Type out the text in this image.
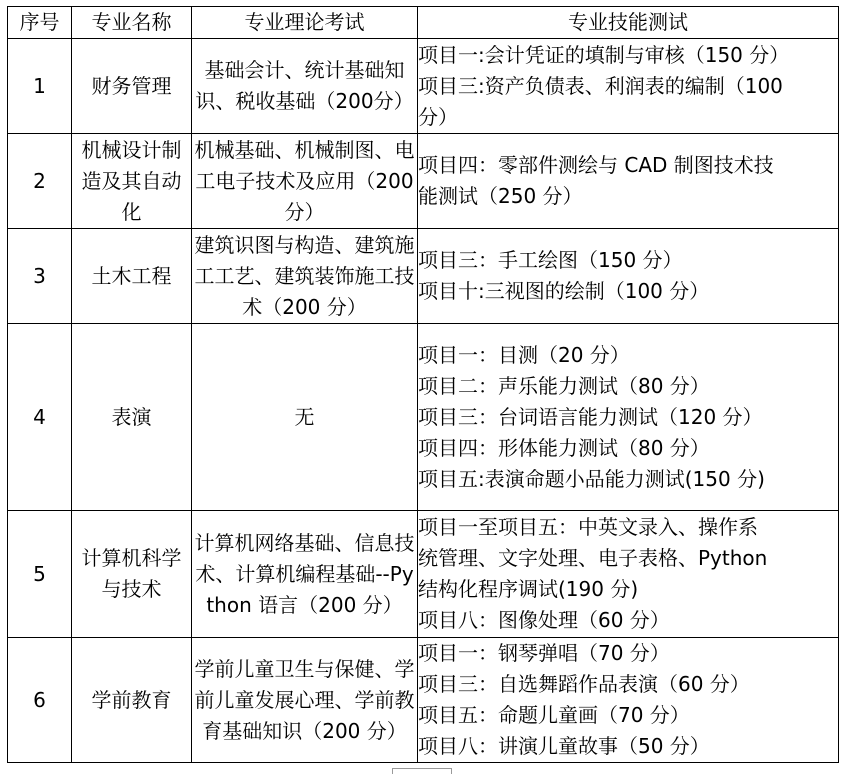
序号	专业名称	专业理论考试	专业技能测试
1	财务管理	基础会计、统计基础知识、税收基础（200分）	项目一:会计凭证的填制与审核（150 分）
项目三:资产负债表、利润表的编制（100
分）

2	机械设计制造及其自动化	机械基础、机械制图、电工电子技术及应用（200 分）	项目四：零部件测绘与 CAD 制图技术技
能测试（250 分）

3	土木工程	建筑识图与构造、建筑施工工艺、建筑装饰施工技术（200 分）	项目三：手工绘图（150 分）
项目十:三视图的绘制（100 分）

4	表演	无	项目一：目测（20 分）
项目二：声乐能力测试（80 分）
项目三：台词语言能力测试（120 分）
项目四：形体能力测试（80 分）
项目五:表演命题小品能力测试(150 分)

5	计算机科学与技术	计算机网络基础、信息技术、计算机编程基础--Python 语言（200 分）	项目一至项目五：中英文录入、操作系
统管理、文字处理、电子表格、Python
结构化程序调试(190 分)
项目八：图像处理（60 分）

6	学前教育	学前儿童卫生与保健、学前儿童发展心理、学前教育基础知识（200 分）	项目一：钢琴弹唱（70 分）
项目三：自选舞蹈作品表演（60 分）
项目五：命题儿童画（70 分）
项目八：讲演儿童故事（50 分）
